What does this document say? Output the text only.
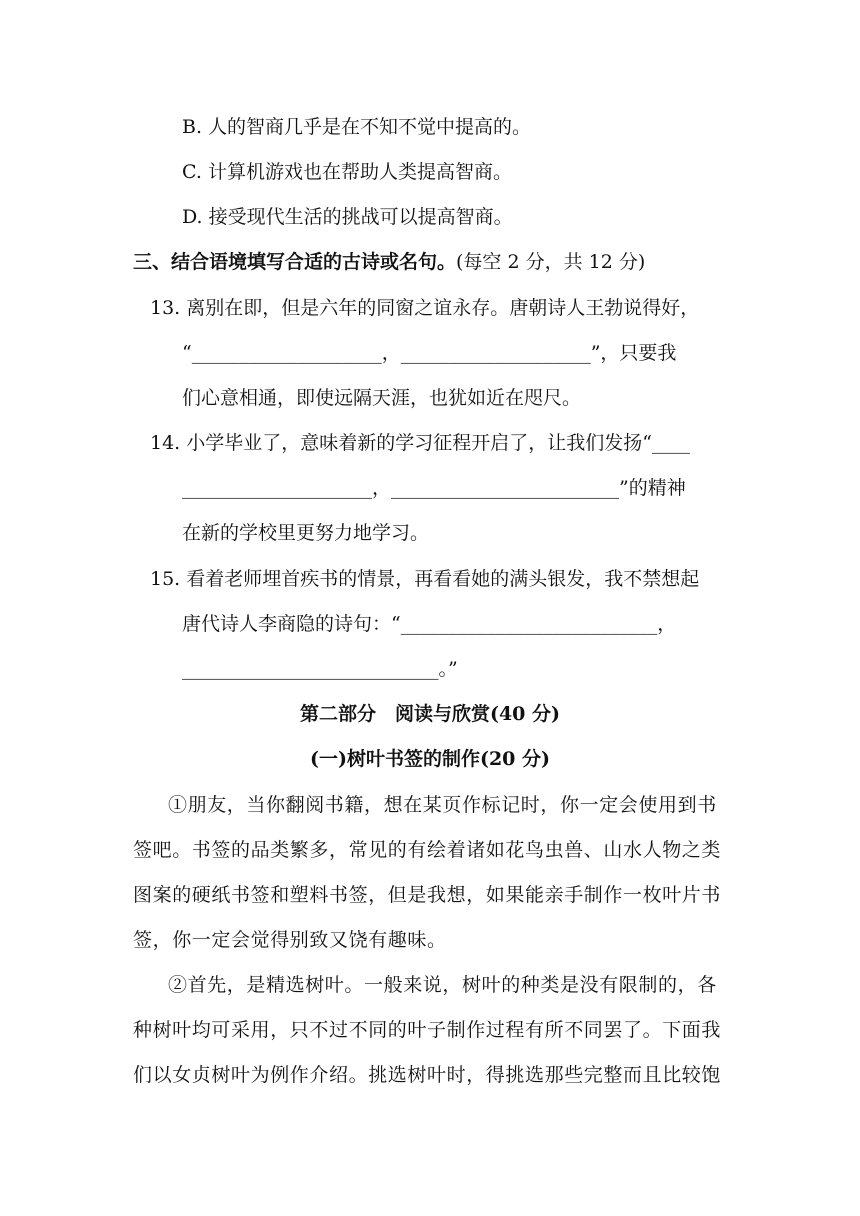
B. 人的智商几乎是在不知不觉中提高的。
C. 计算机游戏也在帮助人类提高智商。
D. 接受现代生活的挑战可以提高智商。
三、结合语境填写合适的古诗或名句。(每空 2 分，共 12 分)
13. 离别在即，但是六年的同窗之谊永存。唐朝诗人王勃说得好，
“____________________，____________________”，只要我
们心意相通，即使远隔天涯，也犹如近在咫尺。
14. 小学毕业了，意味着新的学习征程开启了，让我们发扬“____
____________________，________________________”的精神
在新的学校里更努力地学习。
15. 看着老师埋首疾书的情景，再看看她的满头银发，我不禁想起
唐代诗人李商隐的诗句：“___________________________，
___________________________。”
第二部分　阅读与欣赏(40 分)
(一)树叶书签的制作(20 分)
①朋友，当你翻阅书籍，想在某页作标记时，你一定会使用到书
签吧。书签的品类繁多，常见的有绘着诸如花鸟虫兽、山水人物之类
图案的硬纸书签和塑料书签，但是我想，如果能亲手制作一枚叶片书
签，你一定会觉得别致又饶有趣味。
②首先，是精选树叶。一般来说，树叶的种类是没有限制的，各
种树叶均可采用，只不过不同的叶子制作过程有所不同罢了。下面我
们以女贞树叶为例作介绍。挑选树叶时，得挑选那些完整而且比较饱
